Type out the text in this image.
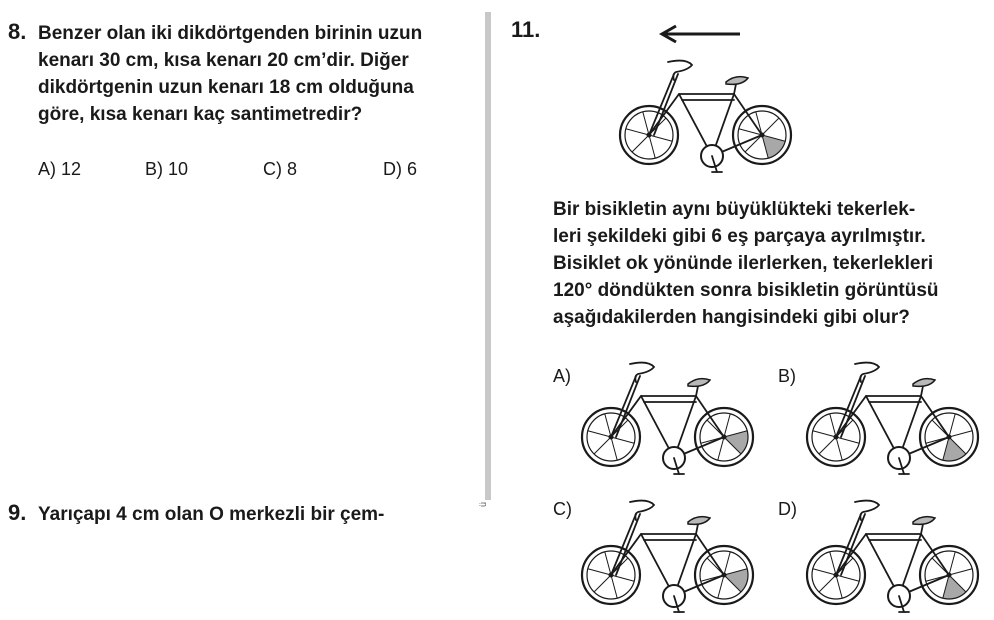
8. Benzer olan iki dikdörtgenden birinin uzun
kenarı 30 cm, kısa kenarı 20 cm’dir. Diğer
dikdörtgenin uzun kenarı 18 cm olduğuna
göre, kısa kenarı kaç santimetredir?
A) 12	B) 10	C) 8	D) 6
9. Yarıçapı 4 cm olan O merkezli bir çem-	ü
11.
Bir bisikletin aynı büyüklükteki tekerlek-
leri şekildeki gibi 6 eş parçaya ayrılmıştır.
Bisiklet ok yönünde ilerlerken, tekerlekleri
120° döndükten sonra bisikletin görüntüsü
aşağıdakilerden hangisindeki gibi olur?
A)	B)
C)	D)
